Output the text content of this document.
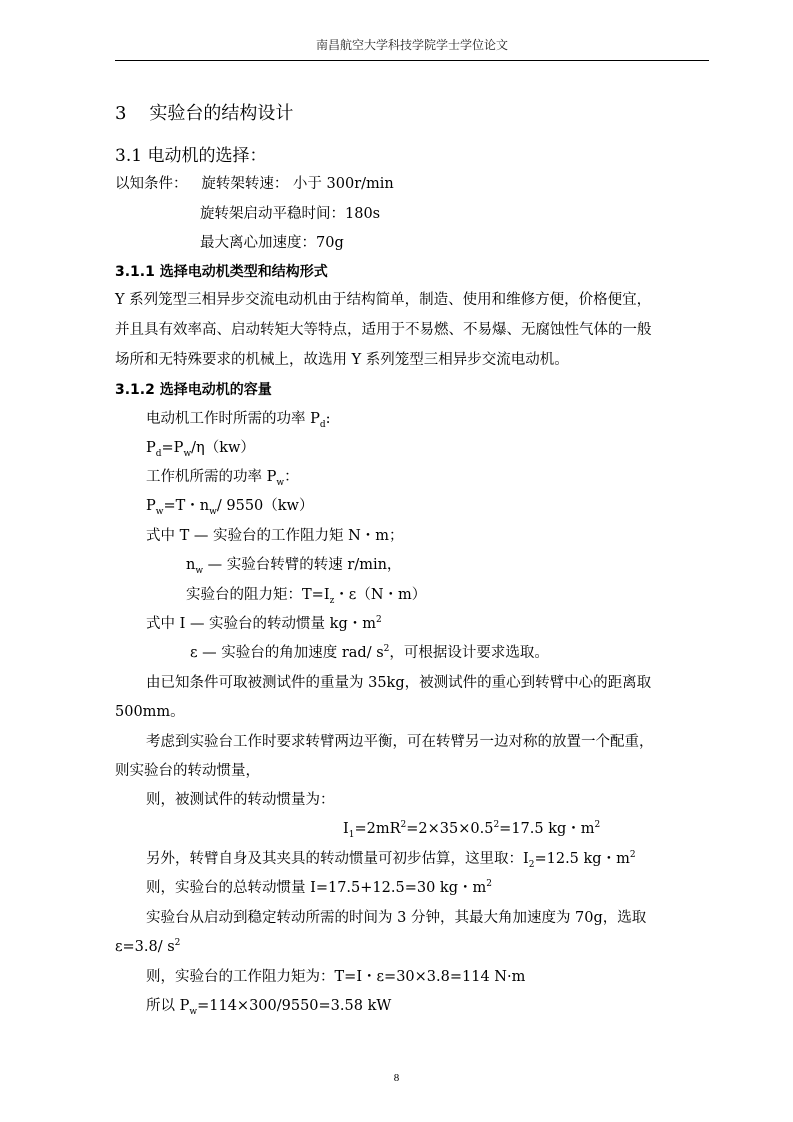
南昌航空大学科技学院学士学位论文
3 实验台的结构设计
3.1 电动机的选择：
以知条件： 旋转架转速： 小于 300r/min
旋转架启动平稳时间：180s
最大离心加速度：70g
3.1.1 选择电动机类型和结构形式
Y 系列笼型三相异步交流电动机由于结构简单，制造、使用和维修方便，价格便宜，
并且具有效率高、启动转矩大等特点，适用于不易燃、不易爆、无腐蚀性气体的一般
场所和无特殊要求的机械上，故选用 Y 系列笼型三相异步交流电动机。
3.1.2 选择电动机的容量
电动机工作时所需的功率 $P_d$:
$P_d=P_w/\eta(kw)$
工作机所需的功率 $P_w$：
$P_w=T$・$n_w/$ 9550（kw）
式中 T — 实验台的工作阻力矩 N・m；
$n_w$ — 实验台转臂的转速 r/min，
实验台的阻力矩：$T=I_z$・ε（N・m）
式中 I — 实验台的转动惯量 kg・$m^2$
ε — 实验台的角加速度 rad/ $s^2$，可根据设计要求选取。
由已知条件可取被测试件的重量为 35kg，被测试件的重心到转臂中心的距离取
500mm。
考虑到实验台工作时要求转臂两边平衡，可在转臂另一边对称的放置一个配重，
则实验台的转动惯量，
则，被测试件的转动惯量为：
$I_1=2mR^2=2\times 35\times 0.5^2=17.5$ kg・$m^2$
另外，转臂自身及其夹具的转动惯量可初步估算，这里取：$I_2=12.5$ kg・$m^2$
则，实验台的总转动惯量 I=17.5+12.5=30 kg・$m^2$
实验台从启动到稳定转动所需的时间为 3 分钟，其最大角加速度为 70g，选取
ε=3.8/ $s^2$
则，实验台的工作阻力矩为：T=I・ε=30×3.8=114 N·m
所以 $P_w=114\times 300/9550=3.58$ kW
8
